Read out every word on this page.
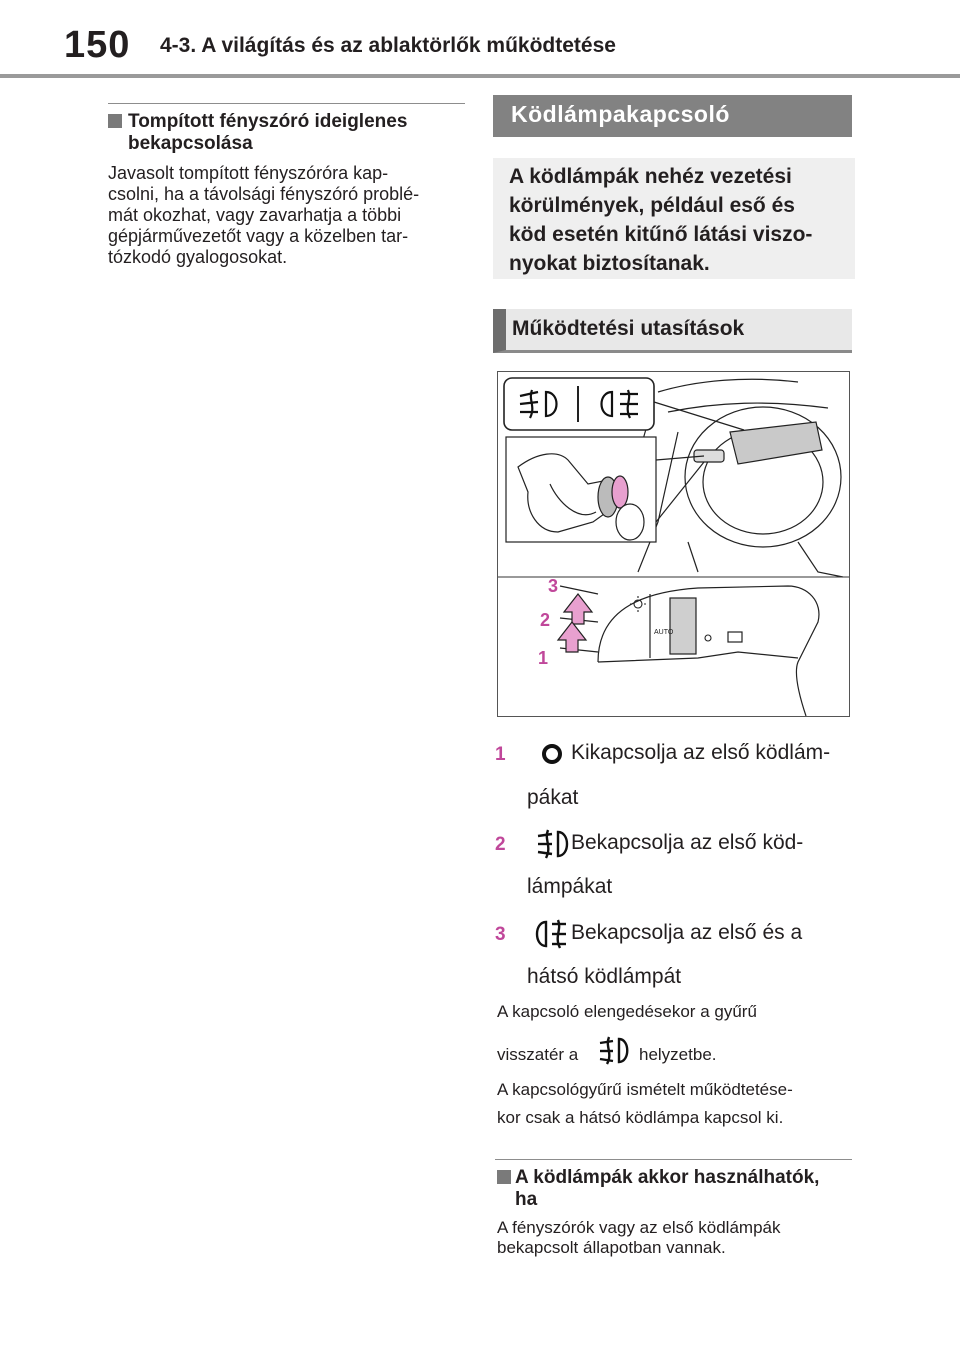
150 4-3. A világítás és az ablaktörlők működtetése
Tompított fényszóró ideiglenes
bekapcsolása
Javasolt tompított fényszóróra kap-
csolni, ha a távolsági fényszóró problé-
mát okozhat, vagy zavarhatja a többi
gépjárművezetőt vagy a közelben tar-
tózkodó gyalogosokat.
Ködlámpakapcsoló
A ködlámpák nehéz vezetési
körülmények, például eső és
köd esetén kitűnő látási viszo-
nyokat biztosítanak.
Működtetési utasítások
3
2
1
AUTO
1	Kikapcsolja az első ködlám-
pákat
2	Bekapcsolja az első köd-
lámpákat
3	Bekapcsolja az első és a
hátsó ködlámpát
A kapcsoló elengedésekor a gyűrű
visszatér a	helyzetbe.
A kapcsológyűrű ismételt működtetése-
kor csak a hátsó ködlámpa kapcsol ki.
A ködlámpák akkor használhatók,
ha
A fényszórók vagy az első ködlámpák
bekapcsolt állapotban vannak.
